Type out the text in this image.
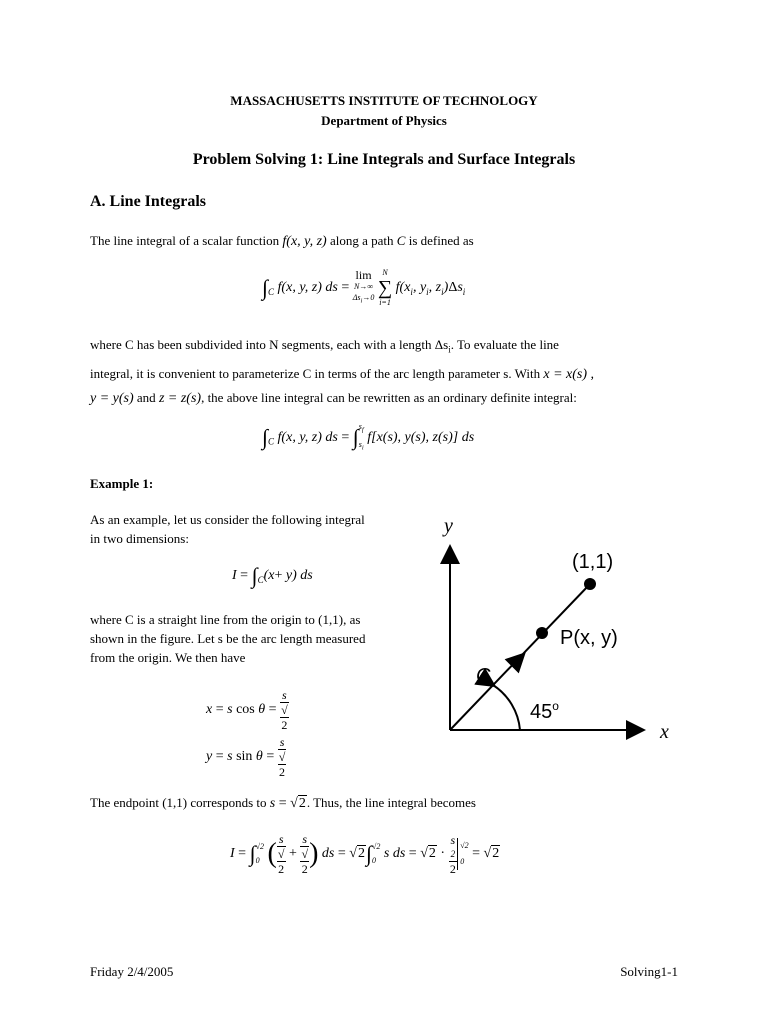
MASSACHUSETTS INSTITUTE OF TECHNOLOGY
Department of Physics
Problem Solving 1: Line Integrals and Surface Integrals
A. Line Integrals
The line integral of a scalar function f(x, y, z) along a path C is defined as
$\int_C$ f(x, y, z) ds = lim
N→∞
$\Delta s_i\to 0$

N
∑
i=1
$f(x_i$, $y_i$, $z_i)\Delta s_i$

where C has been subdivided into N segments, each with a length $\Delta s_i$. To evaluate the line

integral, it is convenient to parameterize C in terms of the arc length parameter s. With x = x(s) ,

y = y(s) and z = z(s), the above line integral can be rewritten as an ordinary definite integral:

$\int_C$ f(x, y, z) ds = ∫ $s_f$
$s_i$
f[x(s), y(s), z(s)] ds
Example 1:

As an example, let us consider the following integral

in two dimensions:

$I = \int_C(x+ y)$ ds

where C is a straight line from the origin to (1,1), as

shown in the figure. Let s be the arc length measured

from the origin. We then have

x = s cos θ = s
√
2
y = s sin θ = s
√
2
The endpoint (1,1) corresponds to s = √2. Thus, the line integral becomes
I = ∫ √2
0 ( s
√
2 + s
√
2 ) ds = √2∫ √2
0 s ds = √2 · s
2
2 √2
0
= √2
y
x
(1,1)
P(x, y)
C
45$^o$
Friday 2/4/2005	Solving1-1
